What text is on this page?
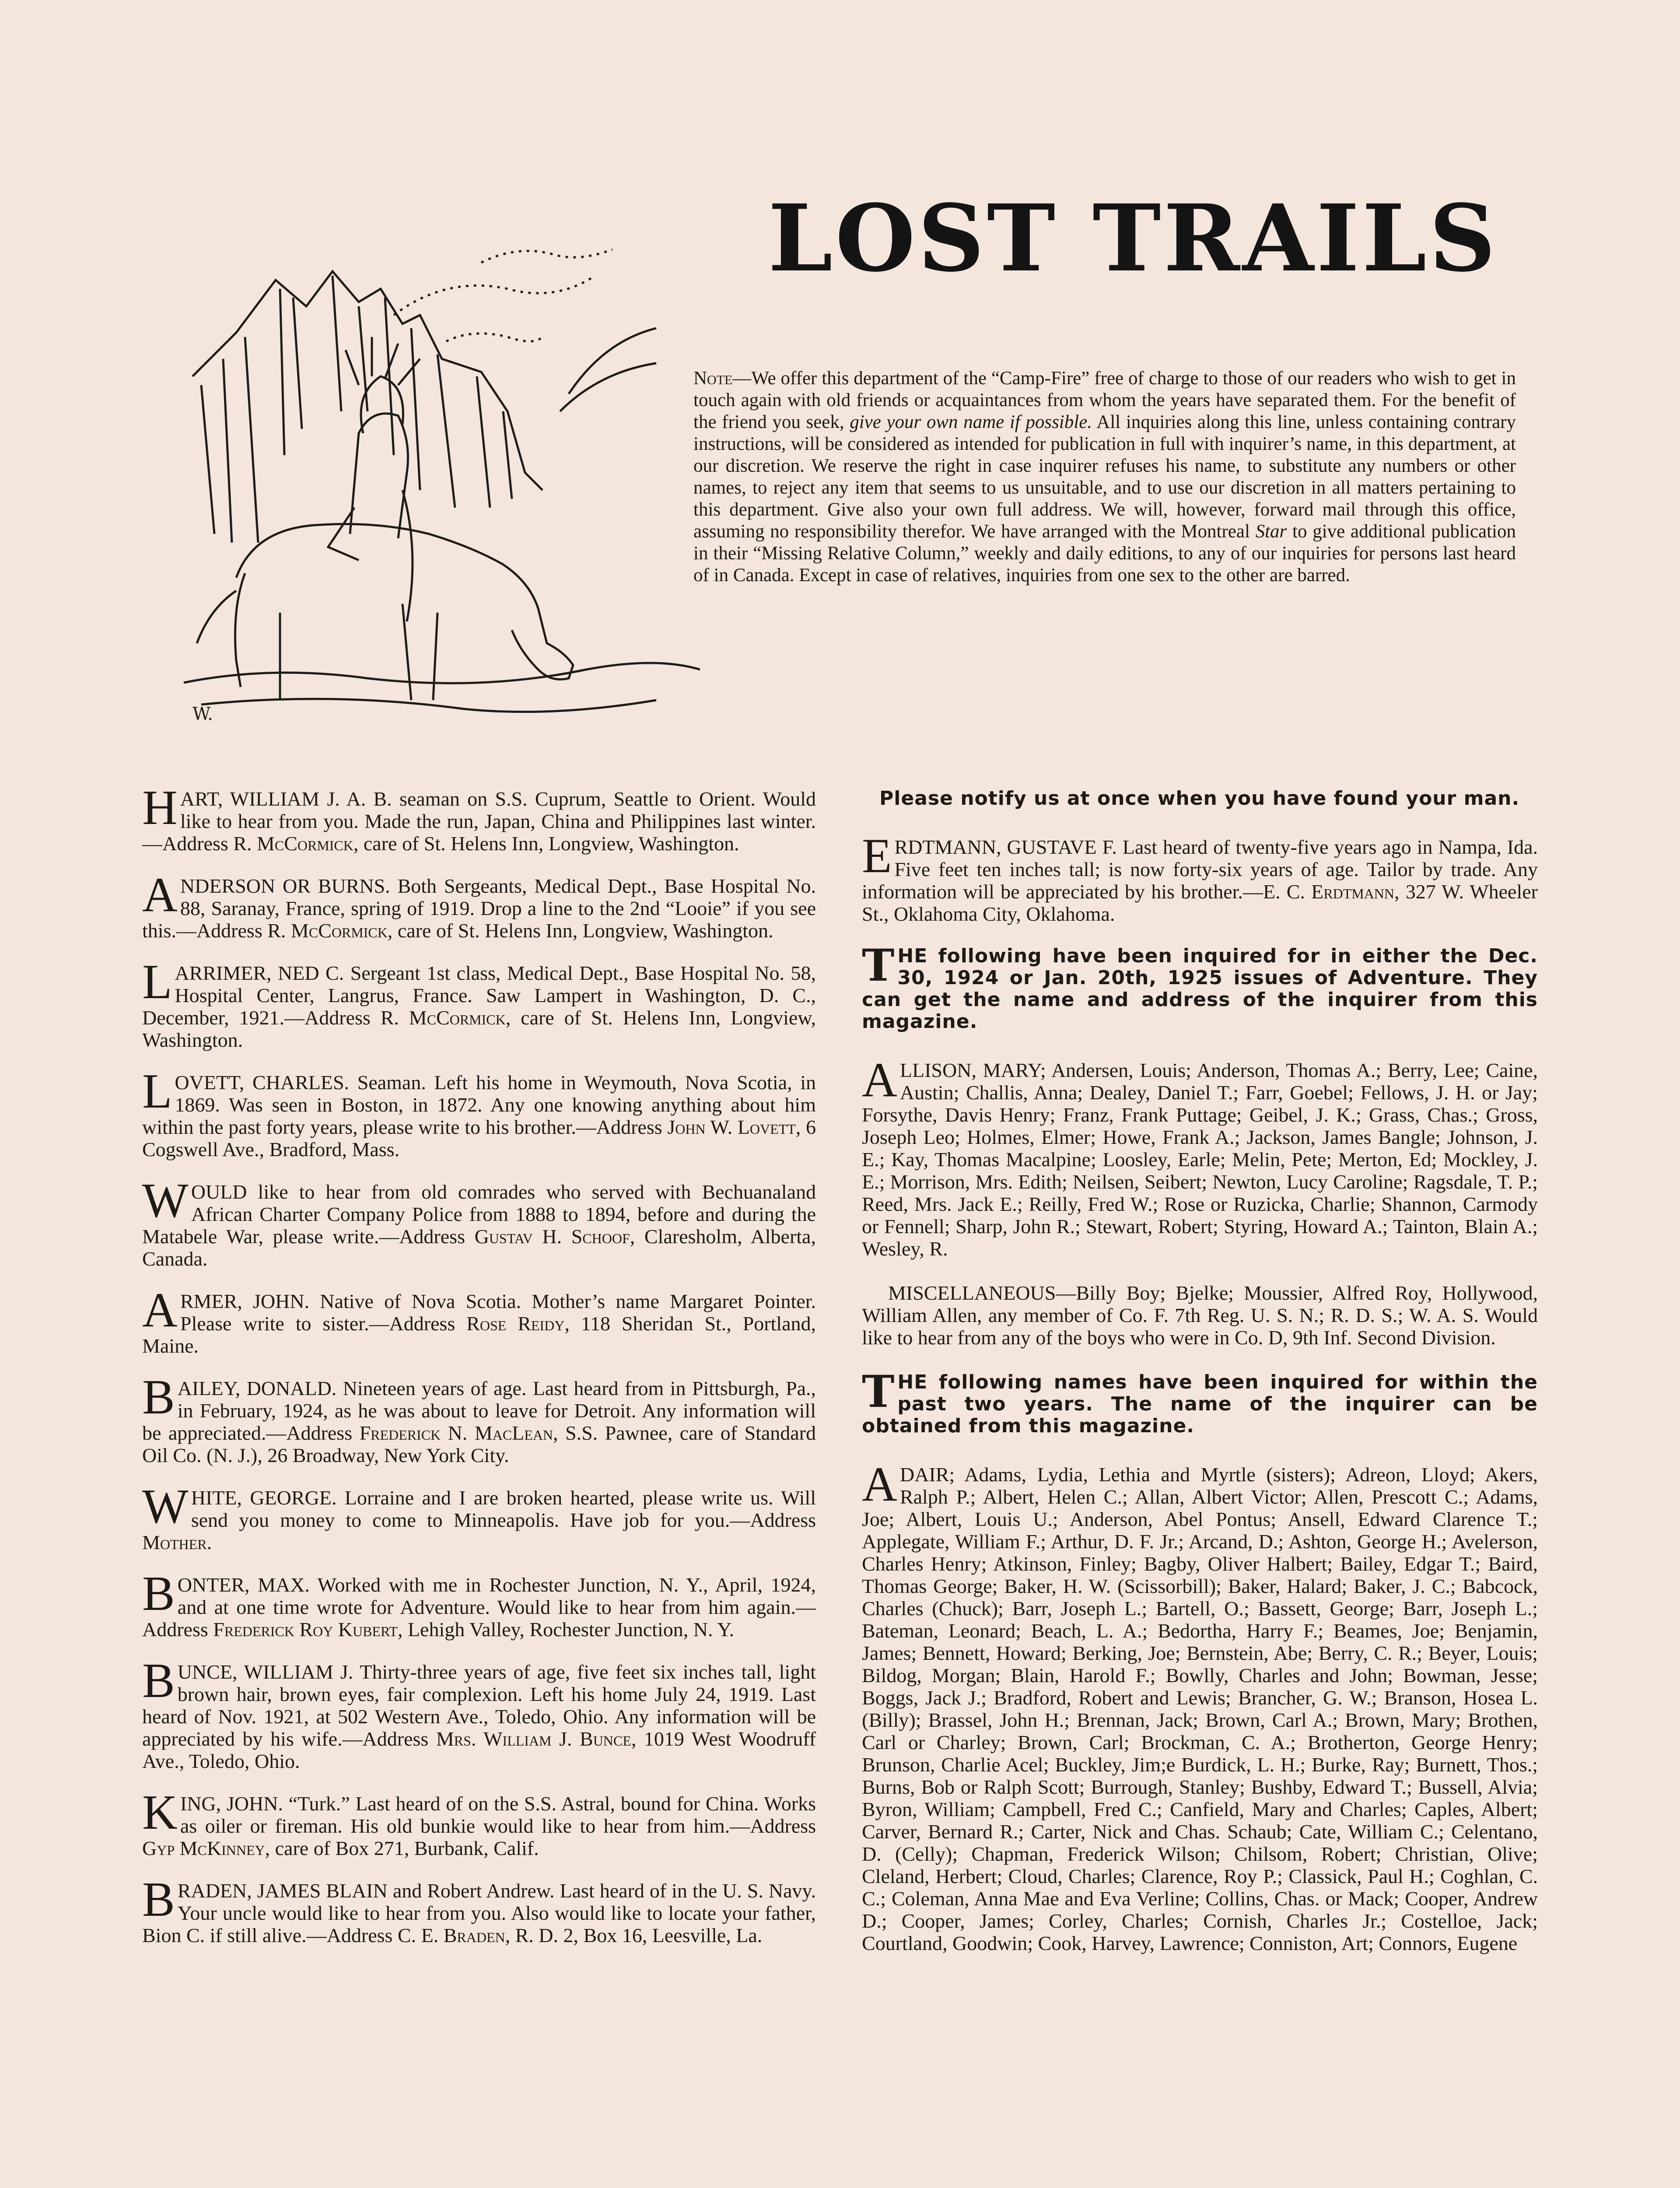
W.
LOST TRAILS
Note—We offer this department of the “Camp-Fire” free of charge to those of our readers who wish to get in touch again with old friends or acquaintances from whom the years have separated them. For the benefit of the friend you seek, give your own name if possible. All inquiries along this line, unless containing contrary instructions, will be considered as intended for publication in full with inquirer’s name, in this department, at our discretion. We reserve the right in case inquirer refuses his name, to substitute any numbers or other names, to reject any item that seems to us unsuitable, and to use our discretion in all matters pertaining to this department. Give also your own full address. We will, however, forward mail through this office, assuming no responsibility therefor. We have arranged with the Montreal Star to give additional publication in their “Missing Relative Column,” weekly and daily editions, to any of our inquiries for persons last heard of in Canada. Except in case of relatives, inquiries from one sex to the other are barred.
HART, WILLIAM J. A. B. seaman on S.S. Cuprum, Seattle to Orient. Would like to hear from you. Made the run, Japan, China and Philippines last winter.—Address R. McCormick, care of St. Helens Inn, Longview, Washington.
ANDERSON OR BURNS. Both Sergeants, Medical Dept., Base Hospital No. 88, Saranay, France, spring of 1919. Drop a line to the 2nd “Looie” if you see this.—Address R. McCormick, care of St. Helens Inn, Longview, Washington.
LARRIMER, NED C. Sergeant 1st class, Medical Dept., Base Hospital No. 58, Hospital Center, Langrus, France. Saw Lampert in Washington, D. C., December, 1921.—Address R. McCormick, care of St. Helens Inn, Longview, Washington.
LOVETT, CHARLES. Seaman. Left his home in Weymouth, Nova Scotia, in 1869. Was seen in Boston, in 1872. Any one knowing anything about him within the past forty years, please write to his brother.—Address John W. Lovett, 6 Cogswell Ave., Bradford, Mass.
WOULD like to hear from old comrades who served with Bechuanaland African Charter Company Police from 1888 to 1894, before and during the Matabele War, please write.—Address Gustav H. Schoof, Claresholm, Alberta, Canada.
ARMER, JOHN. Native of Nova Scotia. Mother’s name Margaret Pointer. Please write to sister.—Address Rose Reidy, 118 Sheridan St., Portland, Maine.
BAILEY, DONALD. Nineteen years of age. Last heard from in Pittsburgh, Pa., in February, 1924, as he was about to leave for Detroit. Any information will be appreciated.—Address Frederick N. MacLean, S.S. Pawnee, care of Standard Oil Co. (N. J.), 26 Broadway, New York City.
WHITE, GEORGE. Lorraine and I are broken hearted, please write us. Will send you money to come to Minneapolis. Have job for you.—Address Mother.
BONTER, MAX. Worked with me in Rochester Junction, N. Y., April, 1924, and at one time wrote for Adventure. Would like to hear from him again.—Address Frederick Roy Kubert, Lehigh Valley, Rochester Junction, N. Y.
BUNCE, WILLIAM J. Thirty-three years of age, five feet six inches tall, light brown hair, brown eyes, fair complexion. Left his home July 24, 1919. Last heard of Nov. 1921, at 502 Western Ave., Toledo, Ohio. Any information will be appreciated by his wife.—Address Mrs. William J. Bunce, 1019 West Woodruff Ave., Toledo, Ohio.
KING, JOHN. “Turk.” Last heard of on the S.S. Astral, bound for China. Works as oiler or fireman. His old bunkie would like to hear from him.—Address Gyp McKinney, care of Box 271, Burbank, Calif.
BRADEN, JAMES BLAIN and Robert Andrew. Last heard of in the U. S. Navy. Your uncle would like to hear from you. Also would like to locate your father, Bion C. if still alive.—Address C. E. Braden, R. D. 2, Box 16, Leesville, La.
Please notify us at once when you have found your man.
ERDTMANN, GUSTAVE F. Last heard of twenty-five years ago in Nampa, Ida. Five feet ten inches tall; is now forty-six years of age. Tailor by trade. Any information will be appreciated by his brother.—E. C. Erdtmann, 327 W. Wheeler St., Oklahoma City, Oklahoma.
THE following have been inquired for in either the Dec. 30, 1924 or Jan. 20th, 1925 issues of Adventure. They can get the name and address of the inquirer from this magazine.
ALLISON, MARY; Andersen, Louis; Anderson, Thomas A.; Berry, Lee; Caine, Austin; Challis, Anna; Dealey, Daniel T.; Farr, Goebel; Fellows, J. H. or Jay; Forsythe, Davis Henry; Franz, Frank Puttage; Geibel, J. K.; Grass, Chas.; Gross, Joseph Leo; Holmes, Elmer; Howe, Frank A.; Jackson, James Bangle; Johnson, J. E.; Kay, Thomas Macalpine; Loosley, Earle; Melin, Pete; Merton, Ed; Mockley, J. E.; Morrison, Mrs. Edith; Neilsen, Seibert; Newton, Lucy Caroline; Ragsdale, T. P.; Reed, Mrs. Jack E.; Reilly, Fred W.; Rose or Ruzicka, Charlie; Shannon, Carmody or Fennell; Sharp, John R.; Stewart, Robert; Styring, Howard A.; Tainton, Blain A.; Wesley, R.
MISCELLANEOUS—Billy Boy; Bjelke; Moussier, Alfred Roy, Hollywood, William Allen, any member of Co. F. 7th Reg. U. S. N.; R. D. S.; W. A. S. Would like to hear from any of the boys who were in Co. D, 9th Inf. Second Division.
THE following names have been inquired for within the past two years. The name of the inquirer can be obtained from this magazine.
ADAIR; Adams, Lydia, Lethia and Myrtle (sisters); Adreon, Lloyd; Akers, Ralph P.; Albert, Helen C.; Allan, Albert Victor; Allen, Prescott C.; Adams, Joe; Albert, Louis U.; Anderson, Abel Pontus; Ansell, Edward Clarence T.; Applegate, William F.; Arthur, D. F. Jr.; Arcand, D.; Ashton, George H.; Avelerson, Charles Henry; Atkinson, Finley; Bagby, Oliver Halbert; Bailey, Edgar T.; Baird, Thomas George; Baker, H. W. (Scissorbill); Baker, Halard; Baker, J. C.; Babcock, Charles (Chuck); Barr, Joseph L.; Bartell, O.; Bassett, George; Barr, Joseph L.; Bateman, Leonard; Beach, L. A.; Bedortha, Harry F.; Beames, Joe; Benjamin, James; Bennett, Howard; Berking, Joe; Bernstein, Abe; Berry, C. R.; Beyer, Louis; Bildog, Morgan; Blain, Harold F.; Bowlly, Charles and John; Bowman, Jesse; Boggs, Jack J.; Bradford, Robert and Lewis; Brancher, G. W.; Branson, Hosea L. (Billy); Brassel, John H.; Brennan, Jack; Brown, Carl A.; Brown, Mary; Brothen, Carl or Charley; Brown, Carl; Brockman, C. A.; Brotherton, George Henry; Brunson, Charlie Acel; Buckley, Jim;e Burdick, L. H.; Burke, Ray; Burnett, Thos.; Burns, Bob or Ralph Scott; Burrough, Stanley; Bushby, Edward T.; Bussell, Alvia; Byron, William; Campbell, Fred C.; Canfield, Mary and Charles; Caples, Albert; Carver, Bernard R.; Carter, Nick and Chas. Schaub; Cate, William C.; Celentano, D. (Celly); Chapman, Frederick Wilson; Chilsom, Robert; Christian, Olive; Cleland, Herbert; Cloud, Charles; Clarence, Roy P.; Classick, Paul H.; Coghlan, C. C.; Coleman, Anna Mae and Eva Verline; Collins, Chas. or Mack; Cooper, Andrew D.; Cooper, James; Corley, Charles; Cornish, Charles Jr.; Costelloe, Jack; Courtland, Goodwin; Cook, Harvey, Lawrence; Conniston, Art; Connors, Eugene
